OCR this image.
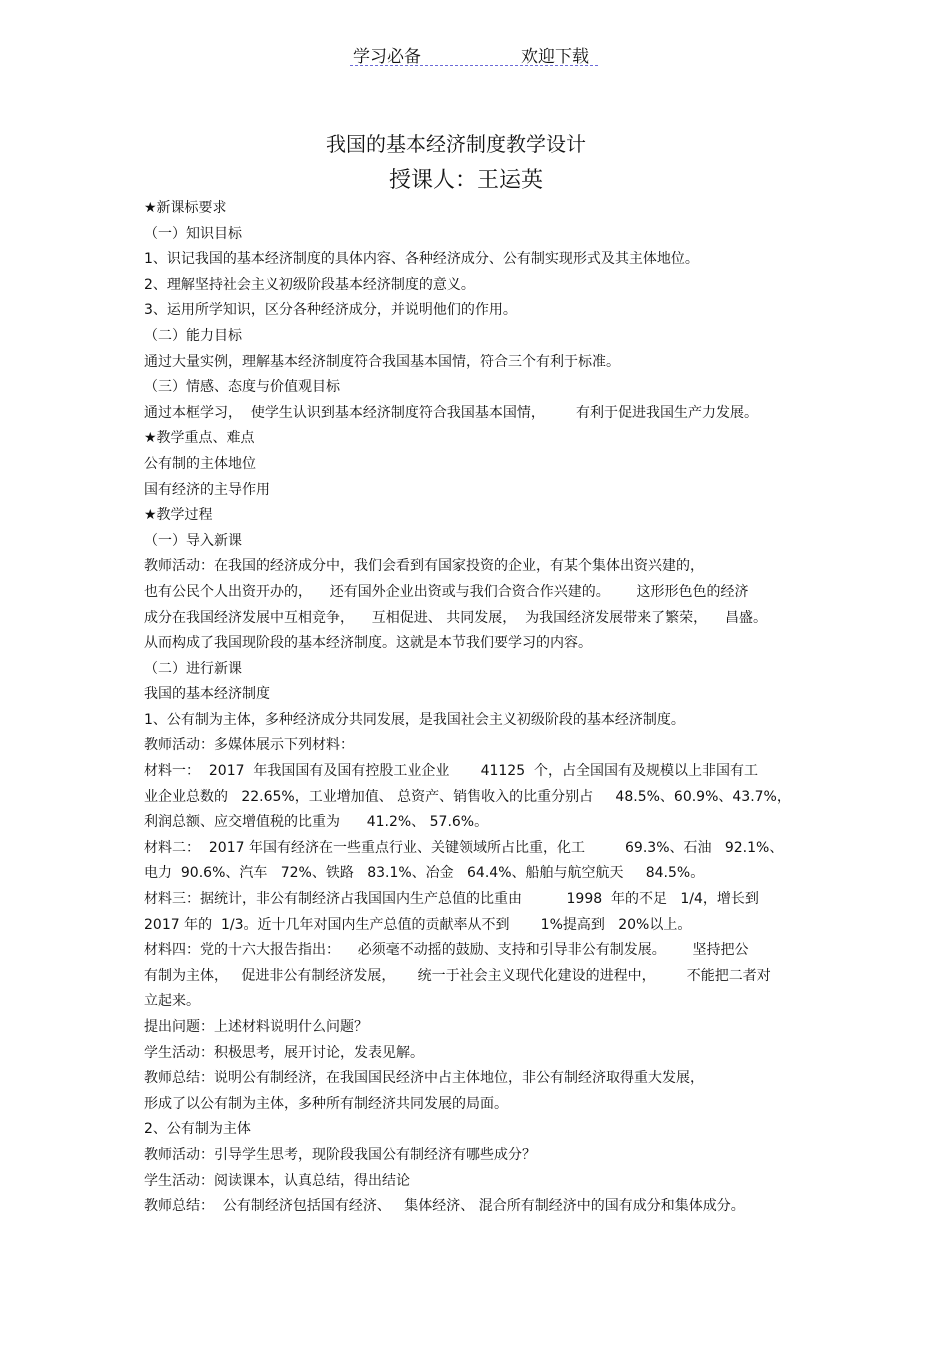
学习必备	欢迎下载
我国的基本经济制度教学设计
授课人：王运英
★新课标要求
（一）知识目标
1、识记我国的基本经济制度的具体内容、各种经济成分、公有制实现形式及其主体地位。
2、理解坚持社会主义初级阶段基本经济制度的意义。
3、运用所学知识，区分各种经济成分，并说明他们的作用。
（二）能力目标
通过大量实例，理解基本经济制度符合我国基本国情，符合三个有利于标准。
（三）情感、态度与价值观目标
通过本框学习，  使学生认识到基本经济制度符合我国基本国情，       有利于促进我国生产力发展。
★教学重点、难点
公有制的主体地位
国有经济的主导作用
★教学过程
（一）导入新课
教师活动：在我国的经济成分中，我们会看到有国家投资的企业，有某个集体出资兴建的，
也有公民个人出资开办的，    还有国外企业出资或与我们合资合作兴建的。      这形形色色的经济
成分在我国经济发展中互相竞争，    互相促进、 共同发展，  为我国经济发展带来了繁荣，    昌盛。
从而构成了我国现阶段的基本经济制度。这就是本节我们要学习的内容。
（二）进行新课
我国的基本经济制度
1、公有制为主体，多种经济成分共同发展，是我国社会主义初级阶段的基本经济制度。
教师活动：多媒体展示下列材料：
材料一：  2017  年我国国有及国有控股工业企业       41125  个，占全国国有及规模以上非国有工
业企业总数的   22.65%，工业增加值、 总资产、销售收入的比重分别占     48.5%、60.9%、43.7%，
利润总额、应交增值税的比重为      41.2%、 57.6%。
材料二：  2017 年国有经济在一些重点行业、关键领域所占比重，化工         69.3%、石油   92.1%、
电力  90.6%、汽车   72%、铁路   83.1%、冶金   64.4%、船舶与航空航天     84.5%。
材料三：据统计，非公有制经济占我国国内生产总值的比重由          1998  年的不足   1/4，增长到
2017 年的  1/3。近十几年对国内生产总值的贡献率从不到       1%提高到   20%以上。
材料四：党的十六大报告指出：    必须毫不动摇的鼓励、支持和引导非公有制发展。      坚持把公
有制为主体，   促进非公有制经济发展，     统一于社会主义现代化建设的进程中，       不能把二者对
立起来。
提出问题：上述材料说明什么问题？
学生活动：积极思考，展开讨论，发表见解。
教师总结：说明公有制经济，在我国国民经济中占主体地位，非公有制经济取得重大发展，
形成了以公有制为主体，多种所有制经济共同发展的局面。
2、公有制为主体
教师活动：引导学生思考，现阶段我国公有制经济有哪些成分？
学生活动：阅读课本，认真总结，得出结论
教师总结：  公有制经济包括国有经济、   集体经济、 混合所有制经济中的国有成分和集体成分。
